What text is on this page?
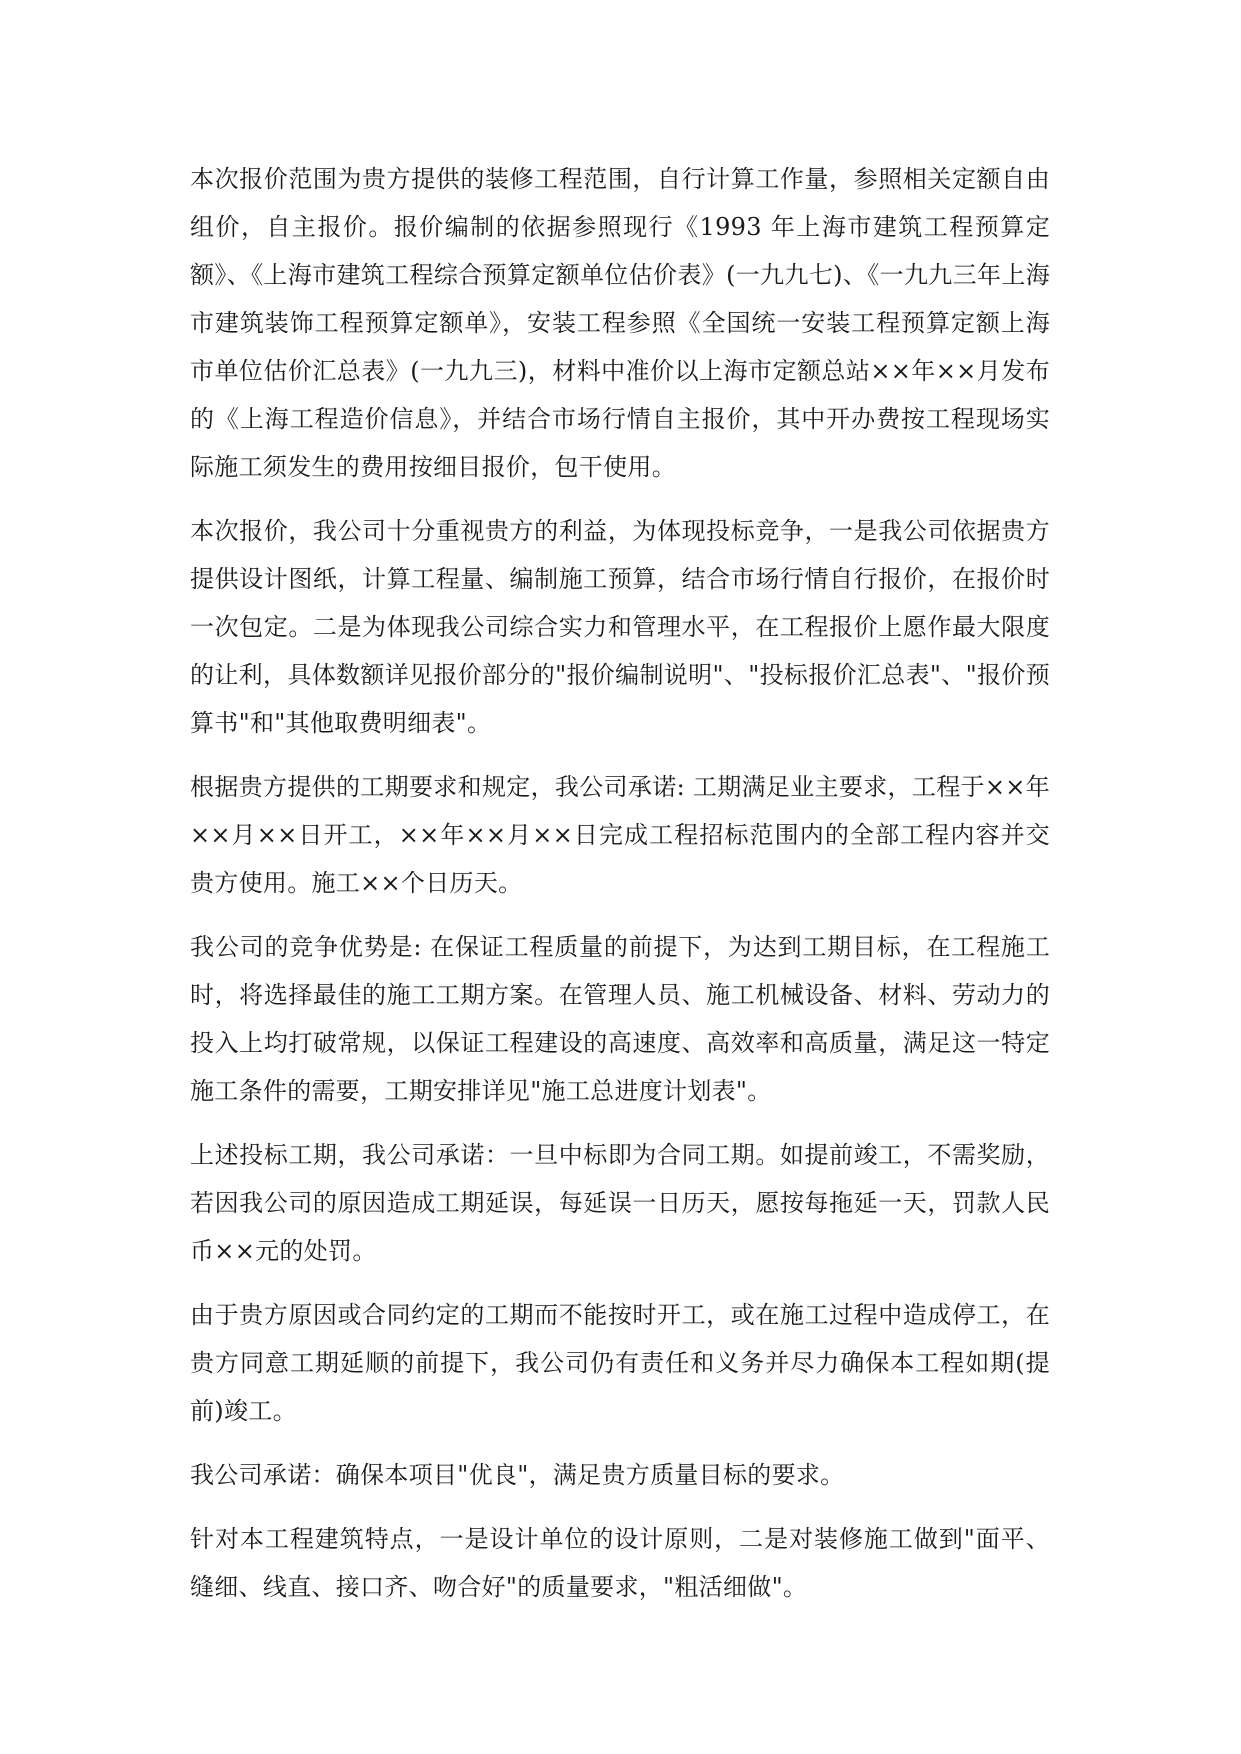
本次报价范围为贵方提供的装修工程范围，自行计算工作量，参照相关定额自由组价，自主报价。报价编制的依据参照现行《1993 年上海市建筑工程预算定额》、《上海市建筑工程综合预算定额单位估价表》(一九九七)、《一九九三年上海市建筑装饰工程预算定额单》，安装工程参照《全国统一安装工程预算定额上海市单位估价汇总表》(一九九三)，材料中准价以上海市定额总站××年××月发布的《上海工程造价信息》，并结合市场行情自主报价，其中开办费按工程现场实际施工须发生的费用按细目报价，包干使用。

本次报价，我公司十分重视贵方的利益，为体现投标竞争，一是我公司依据贵方提供设计图纸，计算工程量、编制施工预算，结合市场行情自行报价，在报价时一次包定。二是为体现我公司综合实力和管理水平，在工程报价上愿作最大限度的让利，具体数额详见报价部分的"报价编制说明"、"投标报价汇总表"、"报价预算书"和"其他取费明细表"。

根据贵方提供的工期要求和规定，我公司承诺: 工期满足业主要求，工程于××年××月××日开工，××年××月××日完成工程招标范围内的全部工程内容并交贵方使用。施工××个日历天。

我公司的竞争优势是: 在保证工程质量的前提下，为达到工期目标，在工程施工时，将选择最佳的施工工期方案。在管理人员、施工机械设备、材料、劳动力的投入上均打破常规，以保证工程建设的高速度、高效率和高质量，满足这一特定施工条件的需要，工期安排详见"施工总进度计划表"。

上述投标工期，我公司承诺：一旦中标即为合同工期。如提前竣工，不需奖励，若因我公司的原因造成工期延误，每延误一日历天，愿按每拖延一天，罚款人民币××元的处罚。

由于贵方原因或合同约定的工期而不能按时开工，或在施工过程中造成停工，在贵方同意工期延顺的前提下，我公司仍有责任和义务并尽力确保本工程如期(提前)竣工。

我公司承诺：确保本项目"优良"，满足贵方质量目标的要求。

针对本工程建筑特点，一是设计单位的设计原则，二是对装修施工做到"面平、缝细、线直、接口齐、吻合好"的质量要求，"粗活细做"。
